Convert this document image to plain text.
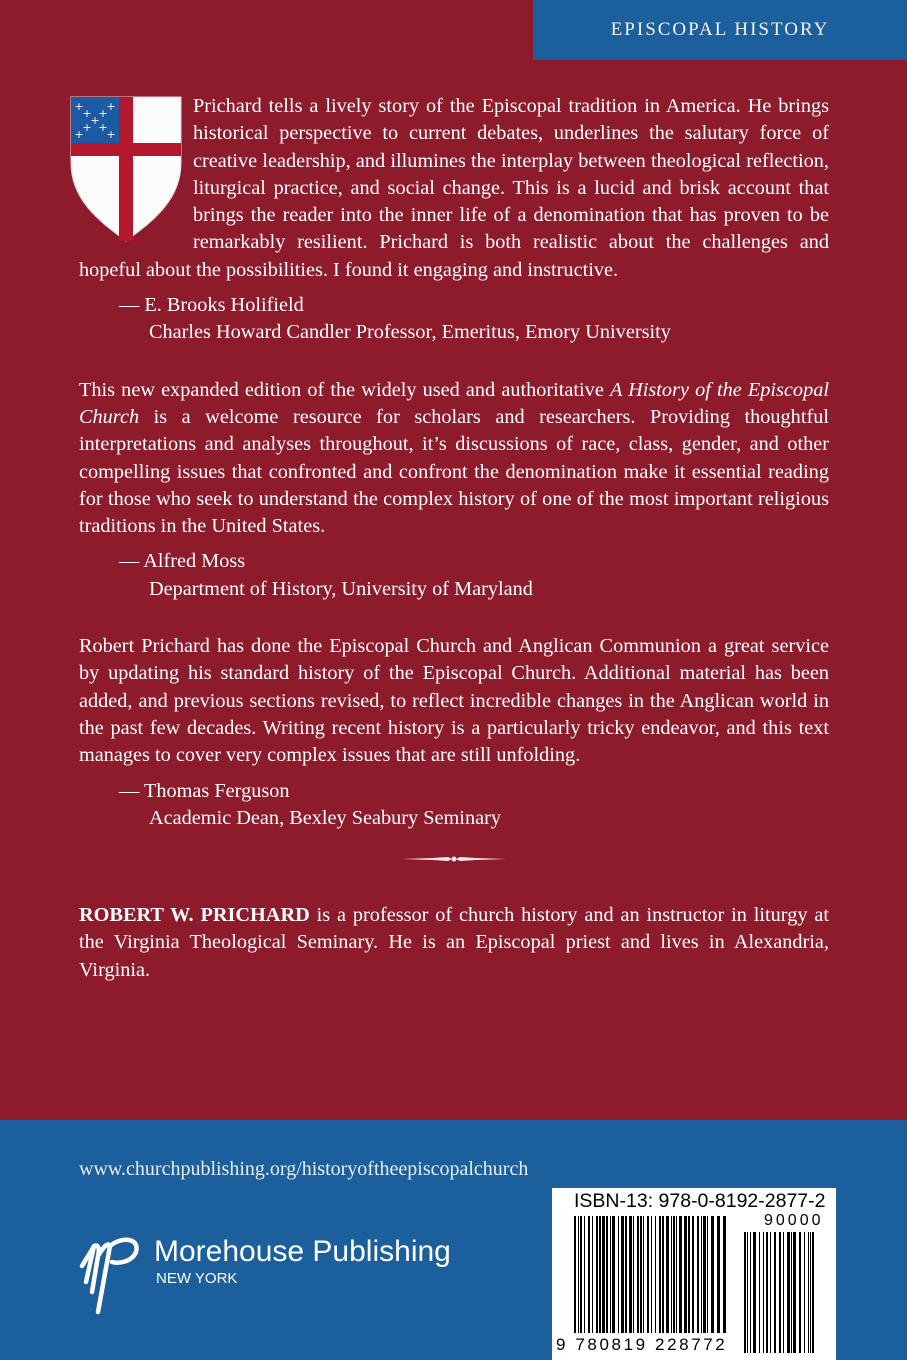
EPISCOPAL HISTORY
+
+
+
+
+
+
+
+
+

Prichard tells a lively story of the Episcopal tradition in America. He brings historical perspective to current debates, underlines the salutary force of creative leadership, and illumines the interplay between theological reflection, liturgical practice, and social change. This is a lucid and brisk account that brings the reader into the inner life of a denomination that has proven to be remarkably resilient. Prichard is both realistic about the challenges and hopeful about the possibilities. I found it engaging and instructive.

— E. Brooks Holifield
Charles Howard Candler Professor, Emeritus, Emory University

This new expanded edition of the widely used and authoritative A History of the Episcopal Church is a welcome resource for scholars and researchers. Providing thoughtful interpretations and analyses throughout, it’s discussions of race, class, gender, and other compelling issues that confronted and confront the denomination make it essential reading for those who seek to understand the complex history of one of the most important religious traditions in the United States.

— Alfred Moss
Department of History, University of Maryland

Robert Prichard has done the Episcopal Church and Anglican Communion a great service by updating his standard history of the Episcopal Church. Additional material has been added, and previous sections revised, to reflect incredible changes in the Anglican world in the past few decades. Writing recent history is a particularly tricky endeavor, and this text manages to cover very complex issues that are still unfolding.

— Thomas Ferguson
Academic Dean, Bexley Seabury Seminary

ROBERT W. PRICHARD is a professor of church history and an instructor in liturgy at the Virginia Theological Seminary. He is an Episcopal priest and lives in Alexandria, Virginia.

www.churchpublishing.org/historyoftheepiscopalchurch
Morehouse Publishing
NEW YORK
ISBN-13: 978-0-8192-2877-2
90000
9 780819 228772
